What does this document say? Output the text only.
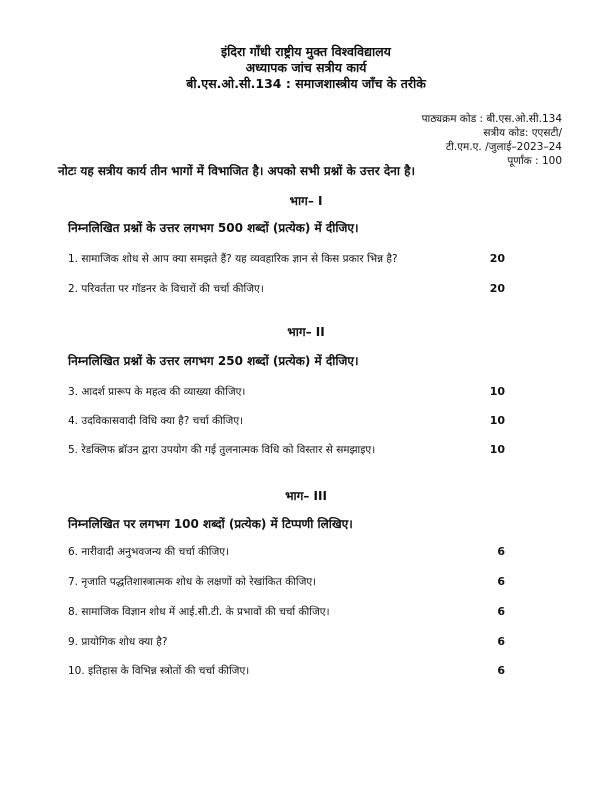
इंदिरा गाँधी राष्ट्रीय मुक्त विश्वविद्यालय
अध्यापक जांच सत्रीय कार्य
बी.एस.ओ.सी.134 : समाजशास्त्रीय जाँच के तरीके
पाठ्यक्रम कोड : बी.एस.ओ.सी.134
सत्रीय कोड: एएसटी/
टी.एम.ए. /जुलाई–2023–24
पूर्णांक : 100
नोटः यह सत्रीय कार्य तीन भागों में विभाजित है। अपको सभी प्रश्नों के उत्तर देना है।
भाग– I
निम्नलिखित प्रश्नों के उत्तर लगभग 500 शब्दों (प्रत्येक) में दीजिए।
1. सामाजिक शोध से आप क्या समझते हैं? यह व्यवहारिक ज्ञान से किस प्रकार भिन्न है?	20
2. परिवर्तता पर गॉडनर के विचारों की चर्चा कीजिए।	20
भाग– II
निम्नलिखित प्रश्नों के उत्तर लगभग 250 शब्दों (प्रत्येक) में दीजिए।
3. आदर्श प्रारूप के महत्व की व्याख्या कीजिए।	10
4. उदविकासवादी विधि क्या है? चर्चा कीजिए।	10
5. रेडक्लिफ ब्रॉउन द्वारा उपयोग की गई तुलनात्मक विधि को विस्तार से समझाइए।	10
भाग– III
निम्नलिखित पर लगभग 100 शब्दों (प्रत्येक) में टिप्पणी लिखिए।
6. नारीवादी अनुभवजन्य की चर्चा कीजिए।	6
7. नृजाति पद्धतिशास्त्रात्मक शोध के लक्षणों को रेखांकित कीजिए।	6
8. सामाजिक विज्ञान शोध में आई.सी.टी. के प्रभावों की चर्चा कीजिए।	6
9. प्रायोगिक शोध क्या है?	6
10. इतिहास के विभिन्न स्त्रोतों की चर्चा कीजिए।	6
